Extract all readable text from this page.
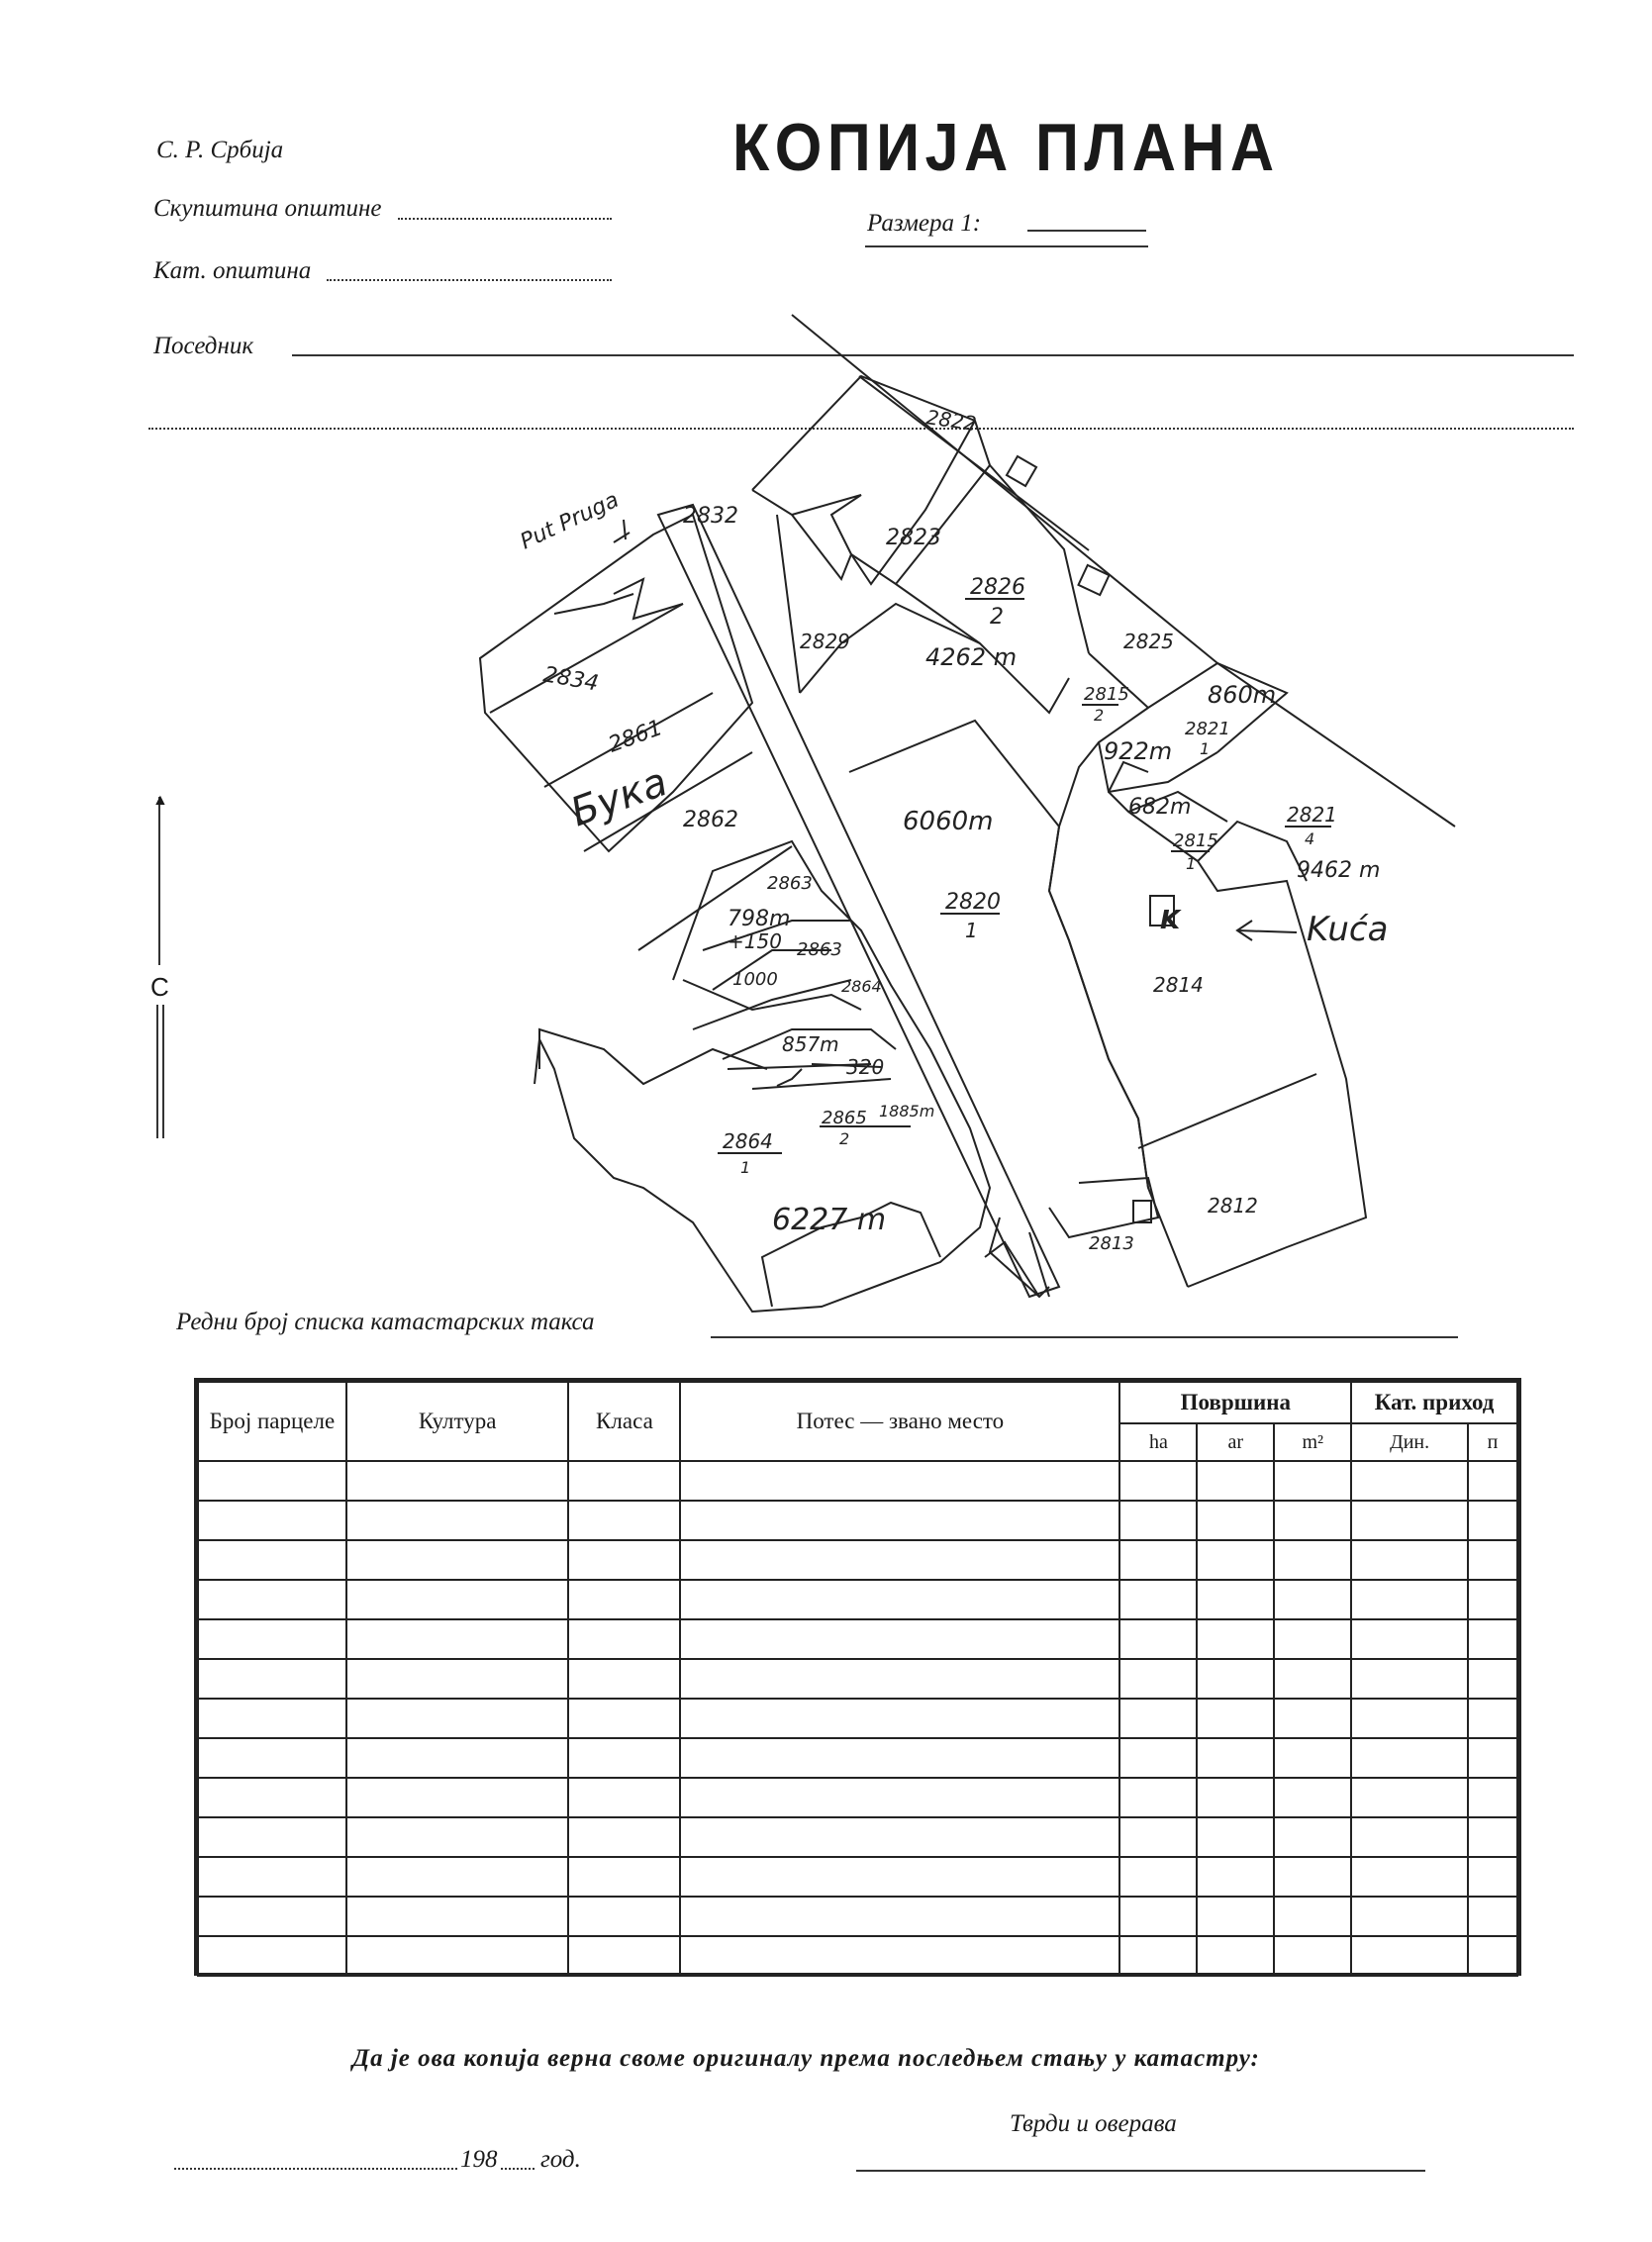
С. Р. Србија
Скупштина општине
Кат. општина
Поседник
КОПИЈА ПЛАНА
Размера 1:
▲
С
2832
2822
2823
2826
2
4262 m
2825
2829
2834
2861
Бука 2862	6060m
2815
2
860m
922m
2821
1
682m	2821
4
9462 m
2815
1
2820
1	K	Kuća
2814
2863
798m
+150 2863
1000	2864
857m
320
2865 1885m
2
2864
1
6227 m	2812
2813
Put Pruga
Редни број списка катастарских такса
Број парцеле	Култура	Класа	Потес — звано место	Површина			Кат. приход	
				ha	ar	m²	Дин.	п

Да је ова копија верна своме оригиналу према последњем стању у катастру:
Тврди и оверава
198 год.
